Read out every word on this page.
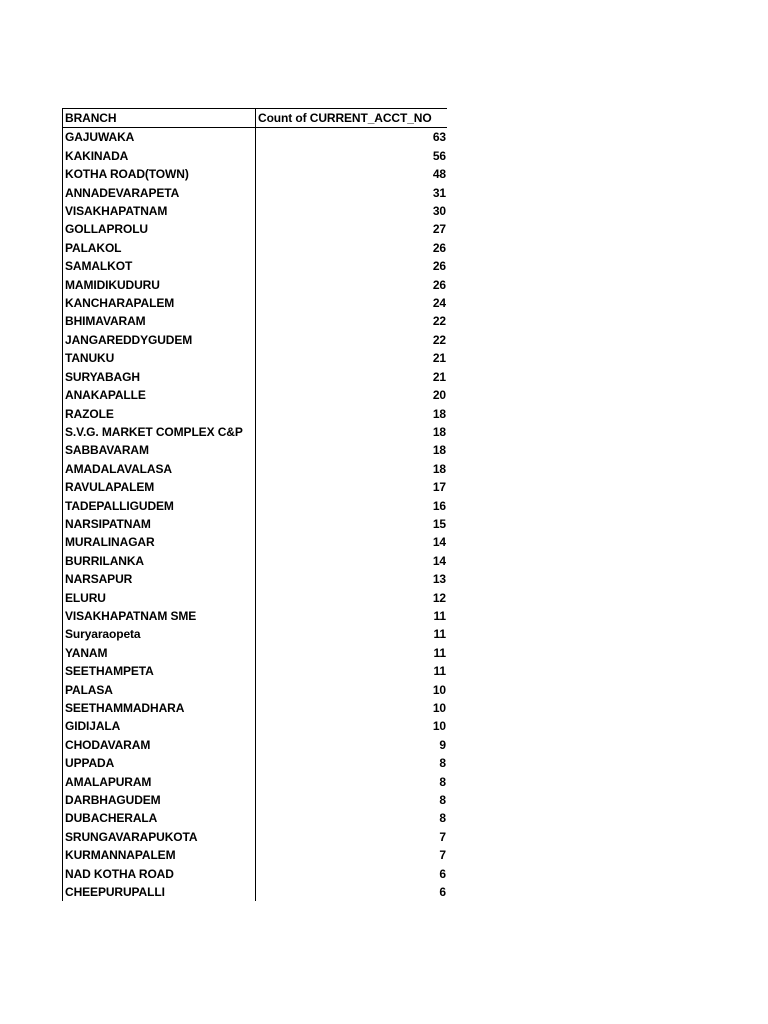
BRANCH	Count of CURRENT_ACCT_NO
GAJUWAKA	63
KAKINADA	56
KOTHA ROAD(TOWN)	48
ANNADEVARAPETA	31
VISAKHAPATNAM	30
GOLLAPROLU	27
PALAKOL	26
SAMALKOT	26
MAMIDIKUDURU	26
KANCHARAPALEM	24
BHIMAVARAM	22
JANGAREDDYGUDEM	22
TANUKU	21
SURYABAGH	21
ANAKAPALLE	20
RAZOLE	18
S.V.G. MARKET COMPLEX C&P	18
SABBAVARAM	18
AMADALAVALASA	18
RAVULAPALEM	17
TADEPALLIGUDEM	16
NARSIPATNAM	15
MURALINAGAR	14
BURRILANKA	14
NARSAPUR	13
ELURU	12
VISAKHAPATNAM SME	11
Suryaraopeta	11
YANAM	11
SEETHAMPETA	11
PALASA	10
SEETHAMMADHARA	10
GIDIJALA	10
CHODAVARAM	9
UPPADA	8
AMALAPURAM	8
DARBHAGUDEM	8
DUBACHERALA	8
SRUNGAVARAPUKOTA	7
KURMANNAPALEM	7
NAD KOTHA ROAD	6
CHEEPURUPALLI	6
